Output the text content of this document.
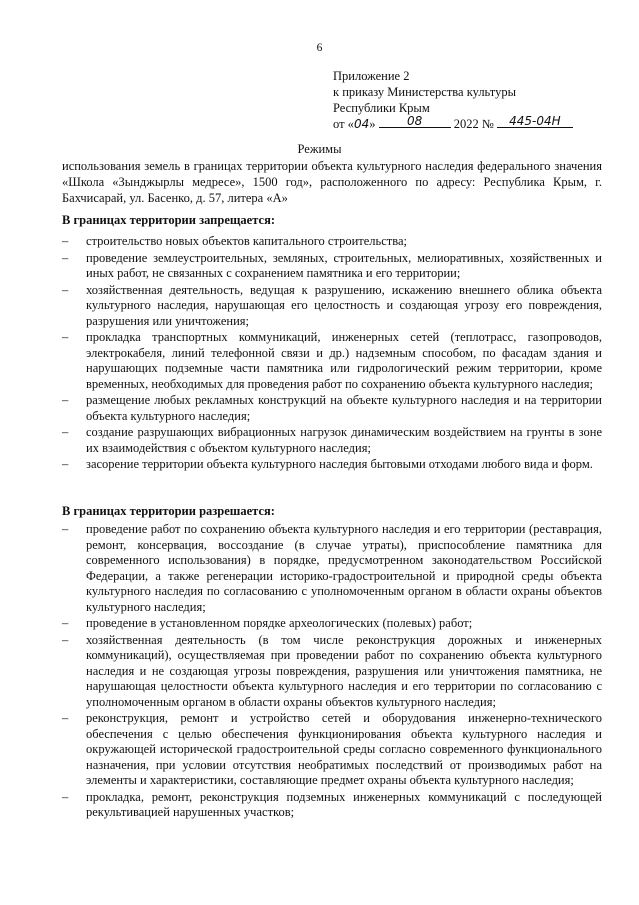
6
Приложение 2
к приказу Министерства культуры
Республики Крым
от «04»	08	2022 №	445-04Н
Режимы
использования земель в границах территории объекта культурного наследия федерального значения «Школа «Зынджырлы медресе», 1500 год», расположенного по адресу: Республика Крым, г. Бахчисарай, ул. Басенко, д. 57, литера «А»
В границах территории запрещается:
– строительство новых объектов капитального строительства;
– проведение землеустроительных, земляных, строительных, мелиоративных, хозяйственных и иных работ, не связанных с сохранением памятника и его территории;
– хозяйственная деятельность, ведущая к разрушению, искажению внешнего облика объекта культурного наследия, нарушающая его целостность и создающая угрозу его повреждения, разрушения или уничтожения;
– прокладка транспортных коммуникаций, инженерных сетей (теплотрасс, газопроводов, электрокабеля, линий телефонной связи и др.) надземным способом, по фасадам здания и нарушающих подземные части памятника или гидрологический режим территории, кроме временных, необходимых для проведения работ по сохранению объекта культурного наследия;
– размещение любых рекламных конструкций на объекте культурного наследия и на территории объекта культурного наследия;
– создание разрушающих вибрационных нагрузок динамическим воздействием на грунты в зоне их взаимодействия с объектом культурного наследия;
– засорение территории объекта культурного наследия бытовыми отходами любого вида и форм.
В границах территории разрешается:
– проведение работ по сохранению объекта культурного наследия и его территории (реставрация, ремонт, консервация, воссоздание (в случае утраты), приспособление памятника для современного использования) в порядке, предусмотренном законодательством Российской Федерации, а также регенерации историко-градостроительной и природной среды объекта культурного наследия по согласованию с уполномоченным органом в области охраны объектов культурного наследия;
– проведение в установленном порядке археологических (полевых) работ;
– хозяйственная деятельность (в том числе реконструкция дорожных и инженерных коммуникаций), осуществляемая при проведении работ по сохранению объекта культурного наследия и не создающая угрозы повреждения, разрушения или уничтожения памятника, не нарушающая целостности объекта культурного наследия и его территории по согласованию с уполномоченным органом в области охраны объектов культурного наследия;
– реконструкция, ремонт и устройство сетей и оборудования инженерно-технического обеспечения с целью обеспечения функционирования объекта культурного наследия и окружающей исторической градостроительной среды согласно современного функционального назначения, при условии отсутствия необратимых последствий от производимых работ на элементы и характеристики, составляющие предмет охраны объекта культурного наследия;
– прокладка, ремонт, реконструкция подземных инженерных коммуникаций с последующей рекультивацией нарушенных участков;
